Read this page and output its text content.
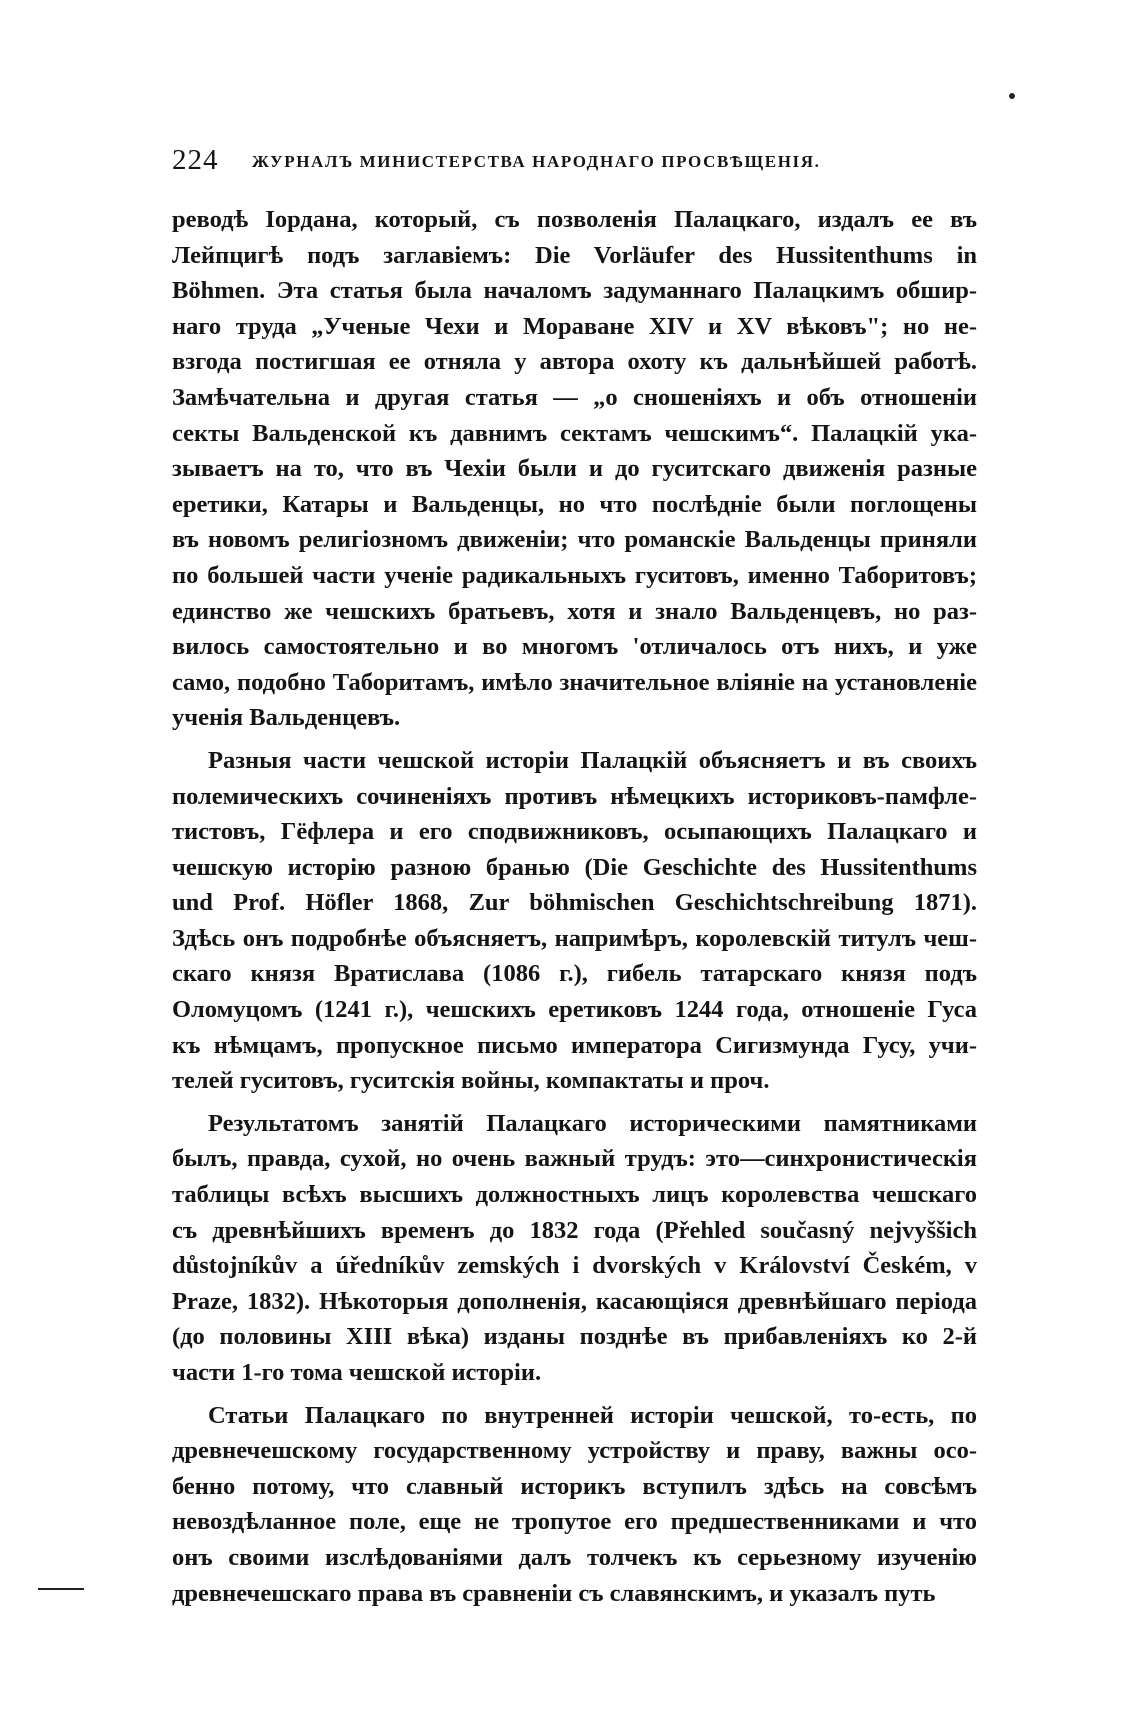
224 ЖУРНАЛЪ МИНИСТЕРСТВА НАРОДНАГО ПРОСВѢЩЕНІЯ.
реводѣ Іордана, который, съ позволенія Палацкаго, издалъ ее въ
Лейпцигѣ подъ заглавіемъ: Die Vorläufer des Hussitenthums in
Böhmen. Эта статья была началомъ задуманнаго Палацкимъ обшир-
наго труда „Ученые Чехи и Мораване XIV и XV вѣковъ"; но не-
взгода постигшая ее отняла у автора охоту къ дальнѣйшей работѣ.
Замѣчательна и другая статья — „о сношеніяхъ и объ отношеніи
секты Вальденской къ давнимъ сектамъ чешскимъ“. Палацкій ука-
зываетъ на то, что въ Чехіи были и до гуситскаго движенія разные
еретики, Катары и Вальденцы, но что послѣдніе были поглощены
въ новомъ религіозномъ движеніи; что романскіе Вальденцы приняли
по большей части ученіе радикальныхъ гуситовъ, именно Таборитовъ;
единство же чешскихъ братьевъ, хотя и знало Вальденцевъ, но раз-
вилось самостоятельно и во многомъ 'отличалось отъ нихъ, и уже
само, подобно Таборитамъ, имѣло значительное вліяніе на установленіе
ученія Вальденцевъ.
Разныя части чешской исторіи Палацкій объясняетъ и въ своихъ
полемическихъ сочиненіяхъ противъ нѣмецкихъ историковъ-памфле-
тистовъ, Гёфлера и его сподвижниковъ, осыпающихъ Палацкаго и
чешскую исторію разною бранью (Die Geschichte des Hussitenthums
und Prof. Höfler 1868, Zur böhmischen Geschichtschreibung 1871).
Здѣсь онъ подробнѣе объясняетъ, напримѣръ, королевскій титулъ чеш-
скаго князя Вратислава (1086 г.), гибель татарскаго князя подъ
Оломуцомъ (1241 г.), чешскихъ еретиковъ 1244 года, отношеніе Гуса
къ нѣмцамъ, пропускное письмо императора Сигизмунда Гусу, учи-
телей гуситовъ, гуситскія войны, компактаты и проч.
Результатомъ занятій Палацкаго историческими памятниками
былъ, правда, сухой, но очень важный трудъ: это—синхронистическія
таблицы всѣхъ высшихъ должностныхъ лицъ королевства чешскаго
съ древнѣйшихъ временъ до 1832 года (Přehled současný nejvyššich
důstojníkův a úředníkův zemských i dvorských v Království Českém, v
Praze, 1832). Нѣкоторыя дополненія, касающіяся древнѣйшаго періода
(до половины XIII вѣка) изданы позднѣе въ прибавленіяхъ ко 2-й
части 1-го тома чешской исторіи.
Статьи Палацкаго по внутренней исторіи чешской, то-есть, по
древнечешскому государственному устройству и праву, важны осо-
бенно потому, что славный историкъ вступилъ здѣсь на совсѣмъ
невоздѣланное поле, еще не тропутое его предшественниками и что
онъ своими изслѣдованіями далъ толчекъ къ серьезному изученію
древнечешскаго права въ сравненіи съ славянскимъ, и указалъ путь
